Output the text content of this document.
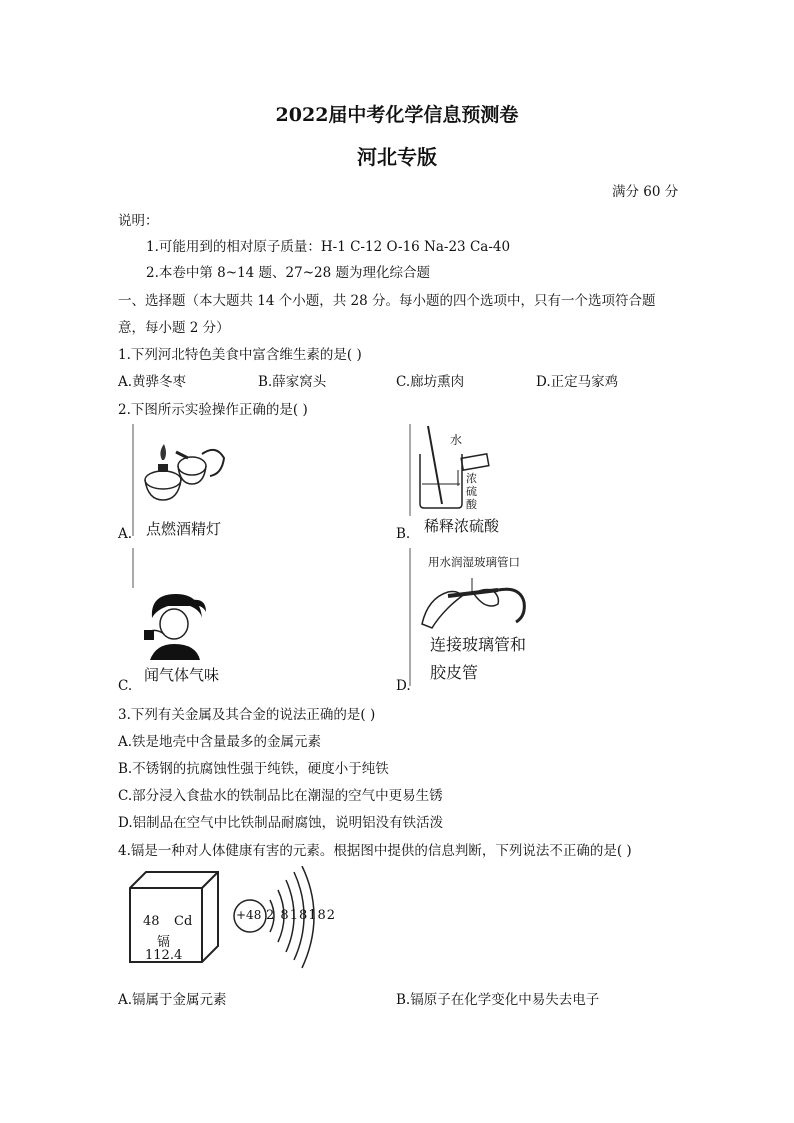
2022届中考化学信息预测卷
河北专版
满分 60 分
说明：
1.可能用到的相对原子质量：H-1 C-12 O-16 Na-23 Ca-40
2.本卷中第 8~14 题、27~28 题为理化综合题
一、选择题（本大题共 14 个小题，共 28 分。每小题的四个选项中，只有一个选项符合题
意，每小题 2 分）
1.下列河北特色美食中富含维生素的是( )
A.黄骅冬枣	B.薛家窝头	C.廊坊熏肉	D.正定马家鸡
2.下图所示实验操作正确的是( )
点燃酒精灯
A.
水
浓
硫
酸
稀释浓硫酸
B.
闻气体气味
C.
用水润湿玻璃管口
连接玻璃管和
胶皮管
D.
3.下列有关金属及其合金的说法正确的是( )
A.铁是地壳中含量最多的金属元素
B.不锈钢的抗腐蚀性强于纯铁，硬度小于纯铁
C.部分浸入食盐水的铁制品比在潮湿的空气中更易生锈
D.铝制品在空气中比铁制品耐腐蚀，说明铝没有铁活泼
4.镉是一种对人体健康有害的元素。根据图中提供的信息判断，下列说法不正确的是( )
48 Cd
镉
112.4
+48 2 818182
A.镉属于金属元素	B.镉原子在化学变化中易失去电子
